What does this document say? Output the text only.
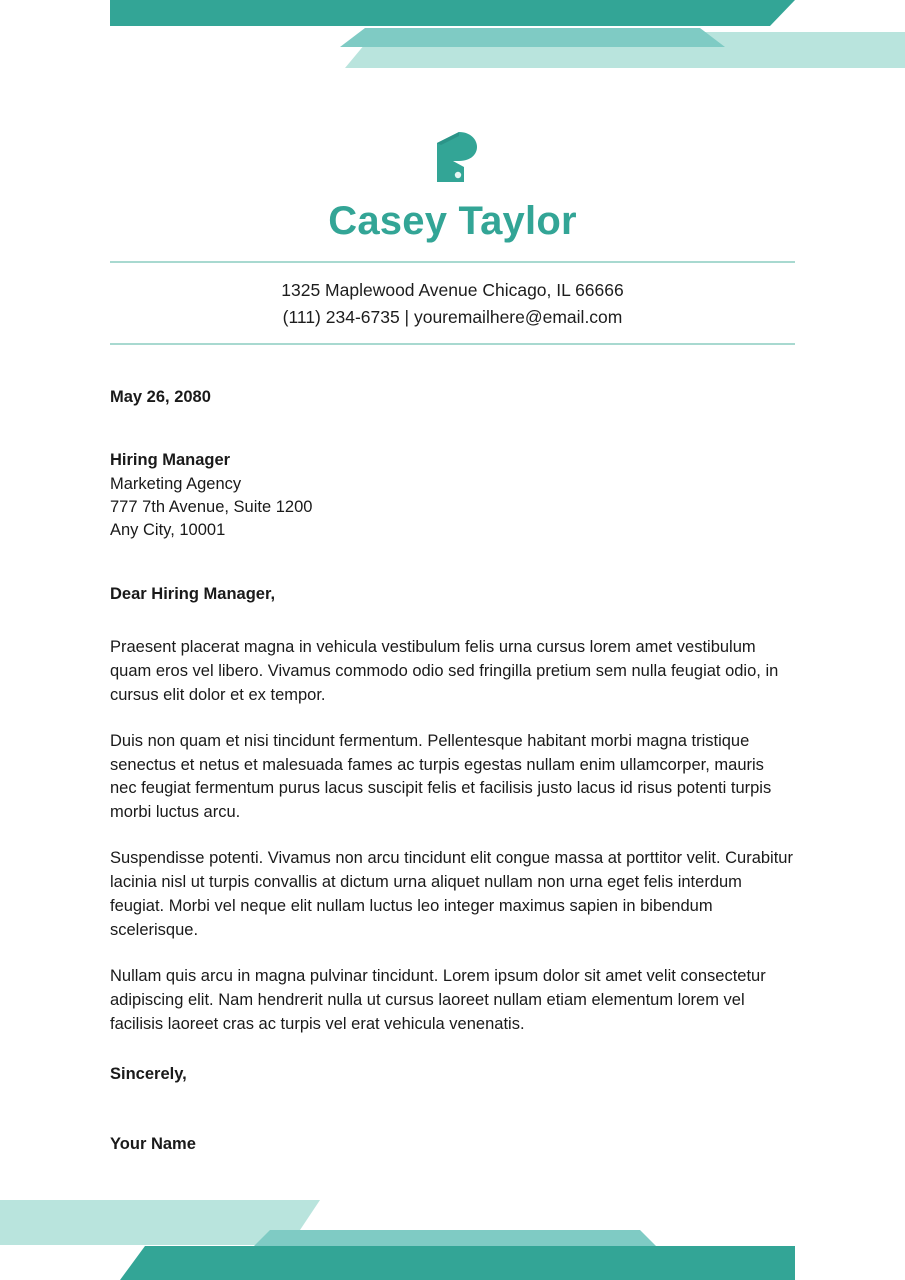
Casey Taylor
1325 Maplewood Avenue Chicago, IL 66666
(111) 234-6735 | youremailhere@email.com
May 26, 2080
Hiring Manager
Marketing Agency
777 7th Avenue, Suite 1200
Any City, 10001
Dear Hiring Manager,

Praesent placerat magna in vehicula vestibulum felis urna cursus lorem amet vestibulum quam eros vel libero. Vivamus commodo odio sed fringilla pretium sem nulla feugiat odio, in cursus elit dolor et ex tempor.

Duis non quam et nisi tincidunt fermentum. Pellentesque habitant morbi magna tristique senectus et netus et malesuada fames ac turpis egestas nullam enim ullamcorper, mauris nec feugiat fermentum purus lacus suscipit felis et facilisis justo lacus id risus potenti turpis morbi luctus arcu.

Suspendisse potenti. Vivamus non arcu tincidunt elit congue massa at porttitor velit. Curabitur lacinia nisl ut turpis convallis at dictum urna aliquet nullam non urna eget felis interdum feugiat. Morbi vel neque elit nullam luctus leo integer maximus sapien in bibendum scelerisque.

Nullam quis arcu in magna pulvinar tincidunt. Lorem ipsum dolor sit amet velit consectetur adipiscing elit. Nam hendrerit nulla ut cursus laoreet nullam etiam elementum lorem vel facilisis laoreet cras ac turpis vel erat vehicula venenatis.

Sincerely,
Your Name
